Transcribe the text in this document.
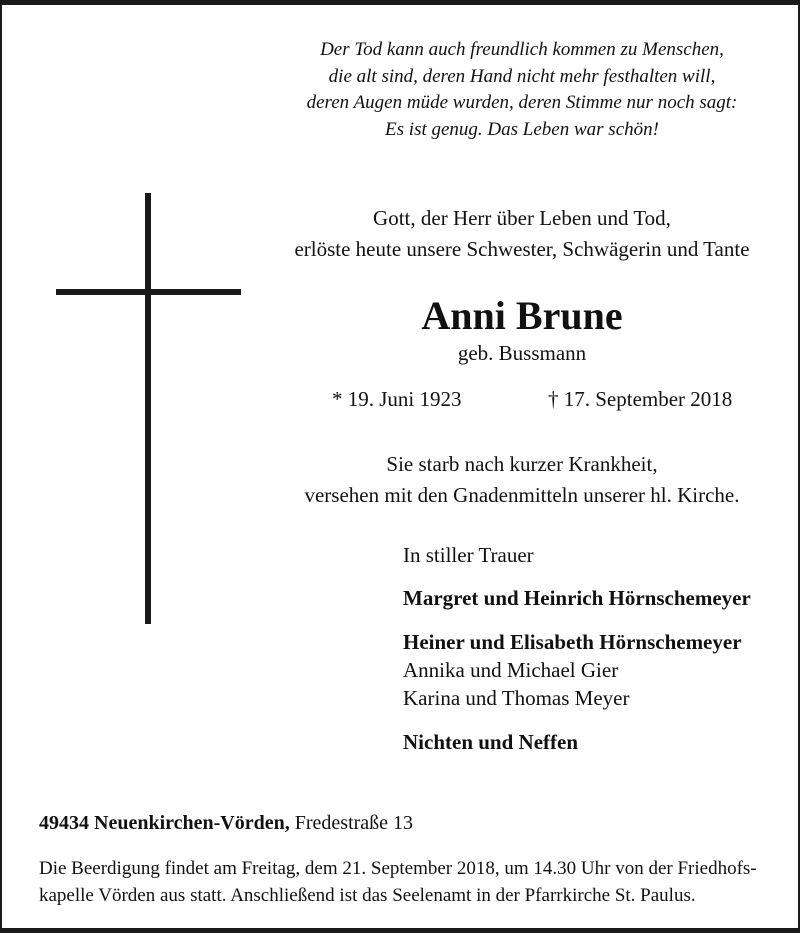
Der Tod kann auch freundlich kommen zu Menschen,
die alt sind, deren Hand nicht mehr festhalten will,
deren Augen müde wurden, deren Stimme nur noch sagt:
Es ist genug. Das Leben war schön!
Gott, der Herr über Leben und Tod,
erlöste heute unsere Schwester, Schwägerin und Tante
Anni Brune
geb. Bussmann
* 19. Juni 1923	† 17. September 2018
Sie starb nach kurzer Krankheit,
versehen mit den Gnadenmitteln unserer hl. Kirche.
In stiller Trauer
Margret und Heinrich Hörnschemeyer
Heiner und Elisabeth Hörnschemeyer
Annika und Michael Gier
Karina und Thomas Meyer
Nichten und Neffen
49434 Neuenkirchen-Vörden, Fredestraße 13
Die Beerdigung findet am Freitag, dem 21. September 2018, um 14.30 Uhr von der Friedhofs-
kapelle Vörden aus statt. Anschließend ist das Seelenamt in der Pfarrkirche St. Paulus.
